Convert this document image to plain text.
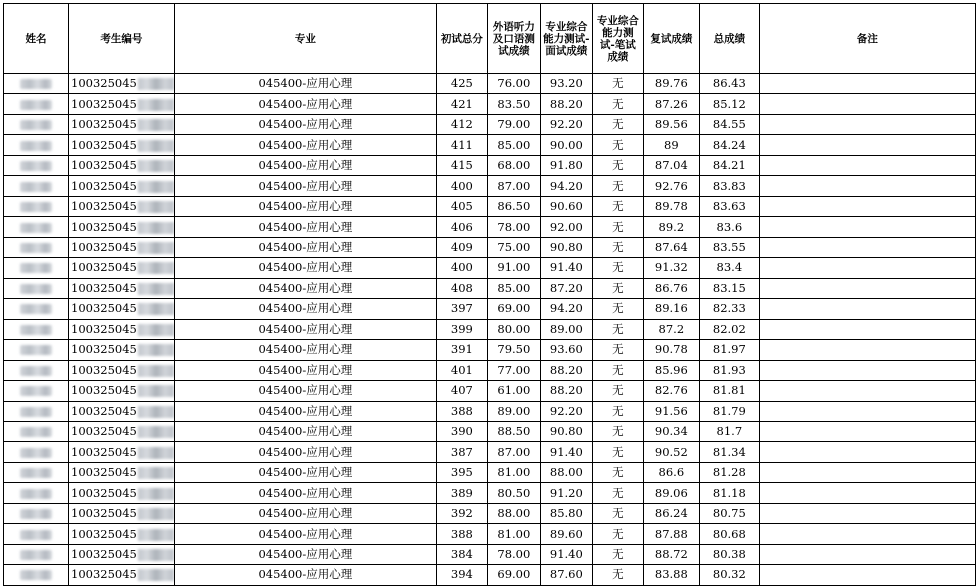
姓名	考生编号	专业	初试总分	外语听力及口语测试成绩	专业综合能力测试-面试成绩	专业综合能力测试-笔试成绩	复试成绩	总成绩	备注
	100325045	045400-应用心理	425	76.00	93.20	无	89.76	86.43	
	100325045	045400-应用心理	421	83.50	88.20	无	87.26	85.12	
	100325045	045400-应用心理	412	79.00	92.20	无	89.56	84.55	
	100325045	045400-应用心理	411	85.00	90.00	无	89	84.24	
	100325045	045400-应用心理	415	68.00	91.80	无	87.04	84.21	
	100325045	045400-应用心理	400	87.00	94.20	无	92.76	83.83	
	100325045	045400-应用心理	405	86.50	90.60	无	89.78	83.63	
	100325045	045400-应用心理	406	78.00	92.00	无	89.2	83.6	
	100325045	045400-应用心理	409	75.00	90.80	无	87.64	83.55	
	100325045	045400-应用心理	400	91.00	91.40	无	91.32	83.4	
	100325045	045400-应用心理	408	85.00	87.20	无	86.76	83.15	
	100325045	045400-应用心理	397	69.00	94.20	无	89.16	82.33	
	100325045	045400-应用心理	399	80.00	89.00	无	87.2	82.02	
	100325045	045400-应用心理	391	79.50	93.60	无	90.78	81.97	
	100325045	045400-应用心理	401	77.00	88.20	无	85.96	81.93	
	100325045	045400-应用心理	407	61.00	88.20	无	82.76	81.81	
	100325045	045400-应用心理	388	89.00	92.20	无	91.56	81.79	
	100325045	045400-应用心理	390	88.50	90.80	无	90.34	81.7	
	100325045	045400-应用心理	387	87.00	91.40	无	90.52	81.34	
	100325045	045400-应用心理	395	81.00	88.00	无	86.6	81.28	
	100325045	045400-应用心理	389	80.50	91.20	无	89.06	81.18	
	100325045	045400-应用心理	392	88.00	85.80	无	86.24	80.75	
	100325045	045400-应用心理	388	81.00	89.60	无	87.88	80.68	
	100325045	045400-应用心理	384	78.00	91.40	无	88.72	80.38	
	100325045	045400-应用心理	394	69.00	87.60	无	83.88	80.32	
